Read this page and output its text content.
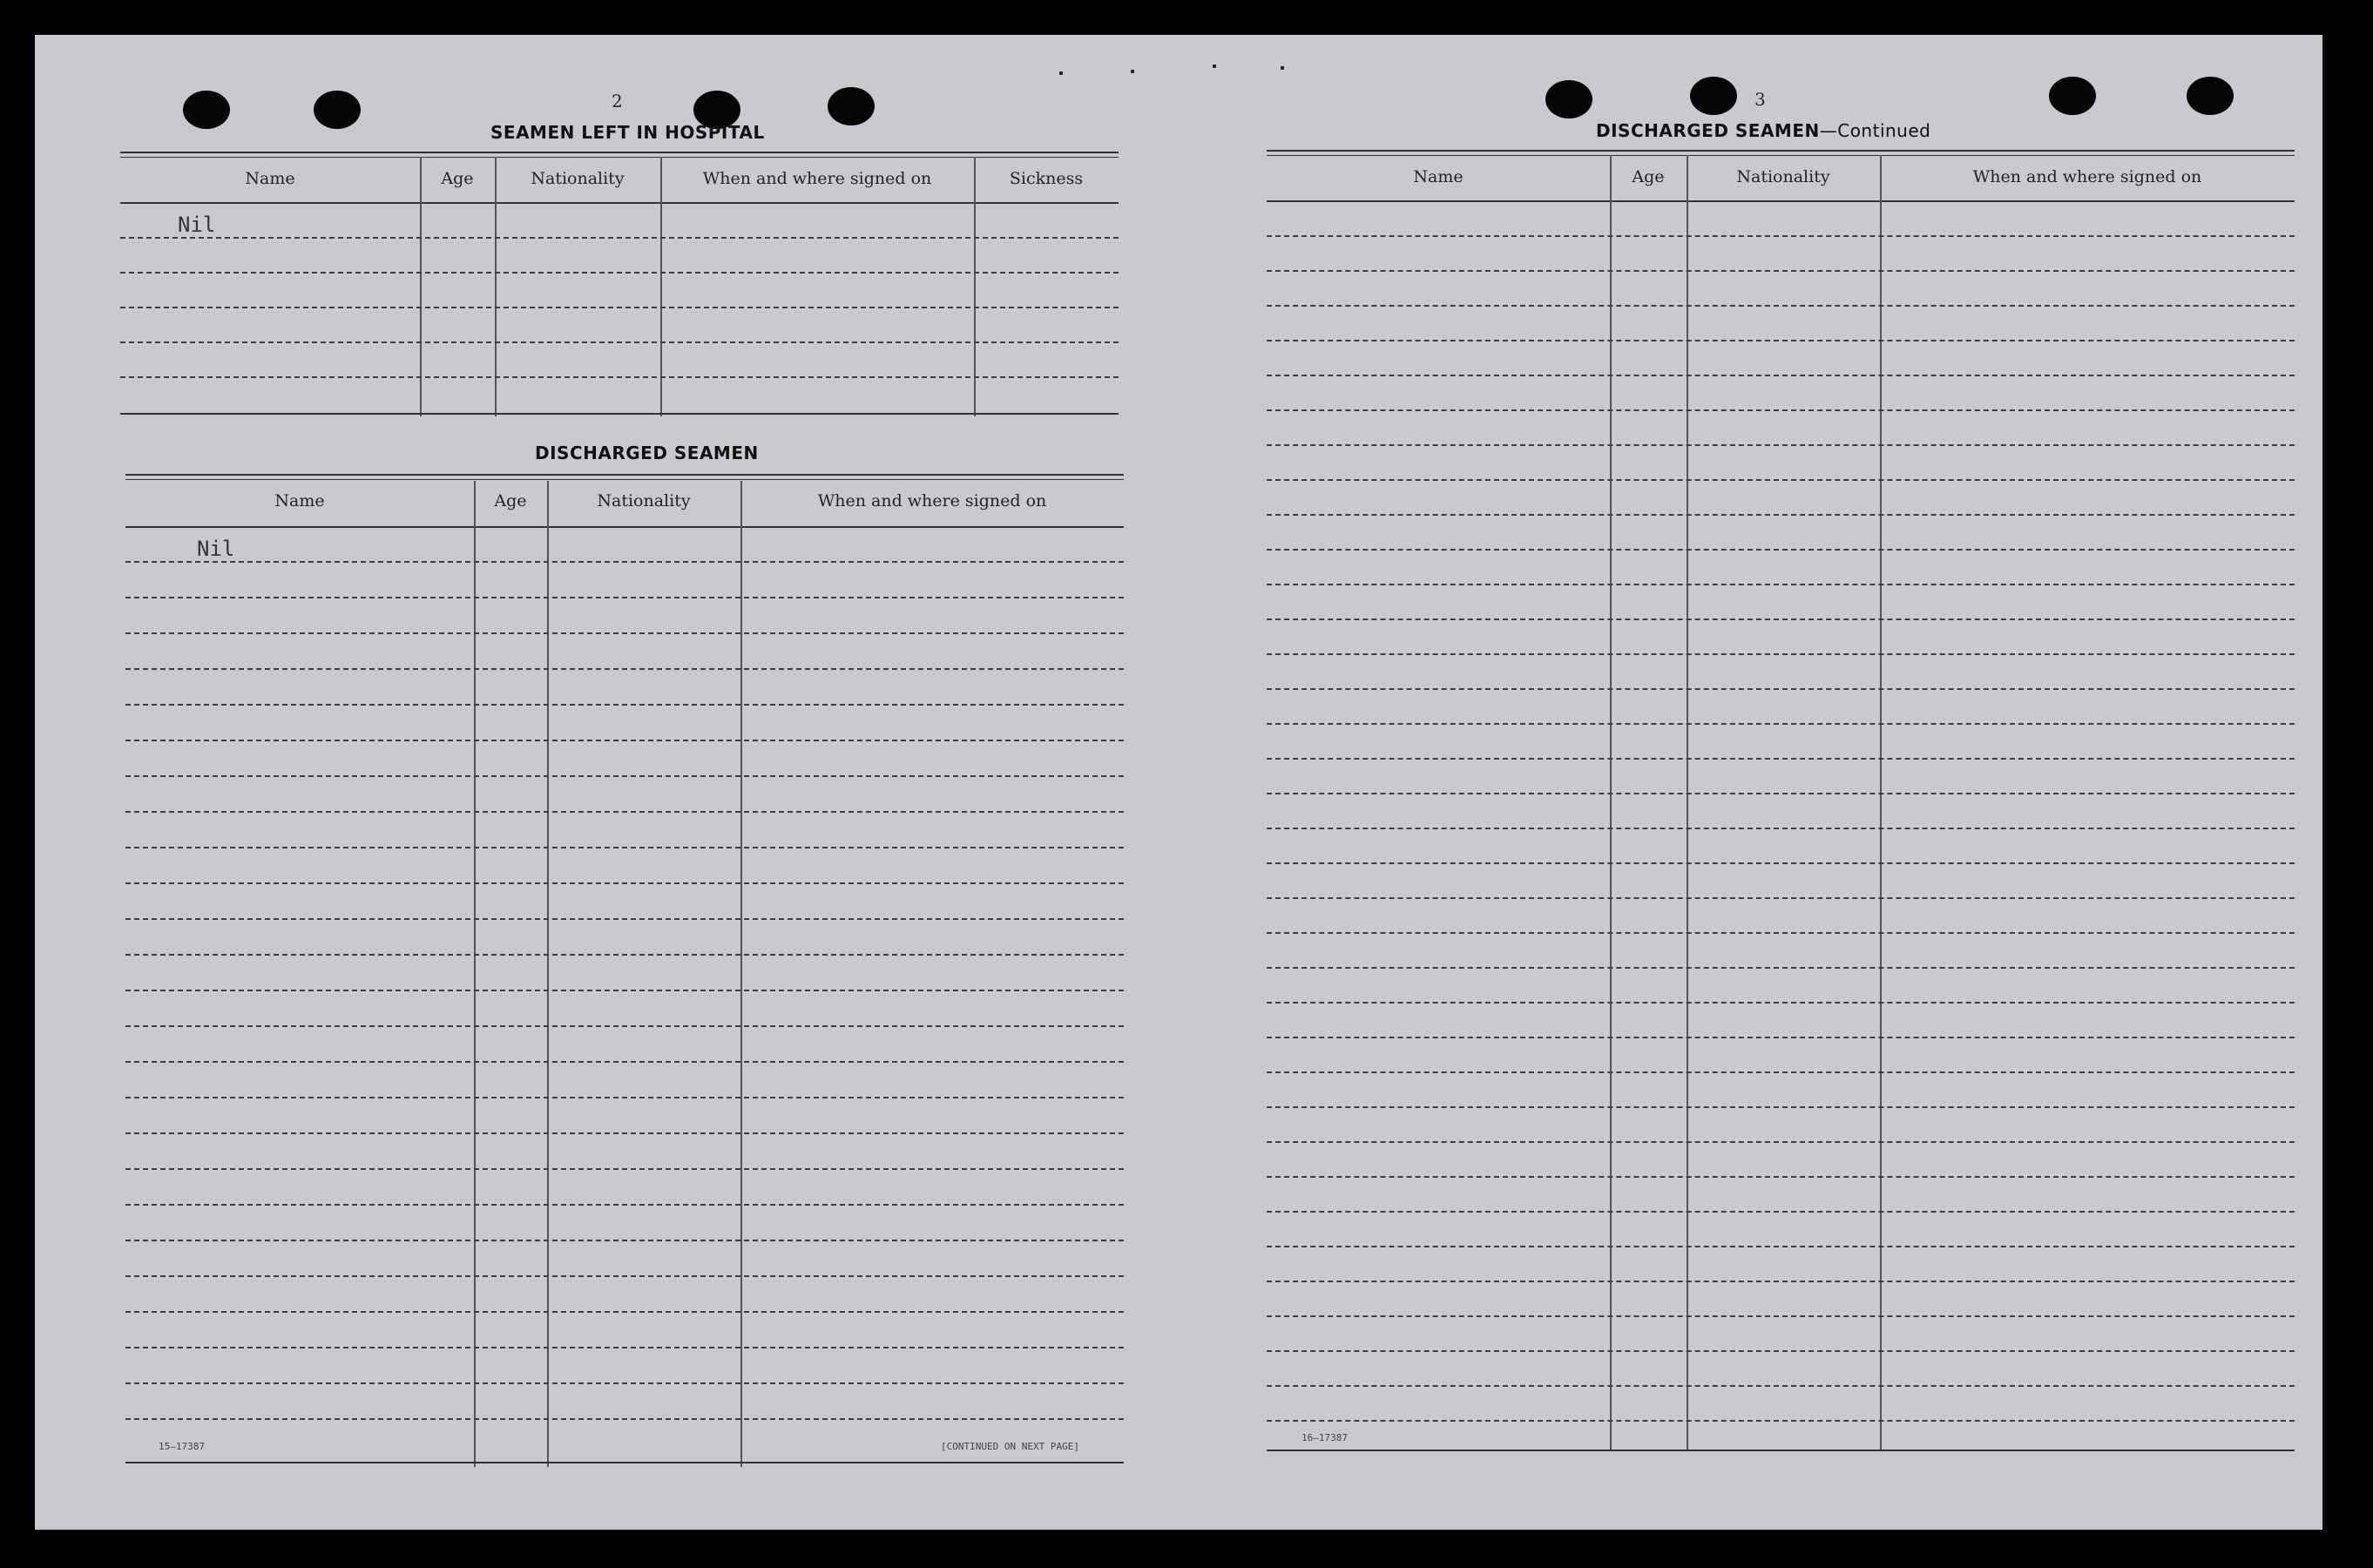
2
SEAMEN LEFT IN HOSPITAL
Name	Age	Nationality	When and where signed on	Sickness
Nil
DISCHARGED SEAMEN
Name	Age	Nationality	When and where signed on
Nil
15—17387	[CONTINUED ON NEXT PAGE]
3
DISCHARGED SEAMEN—Continued
Name	Age	Nationality	When and where signed on
16—17387
